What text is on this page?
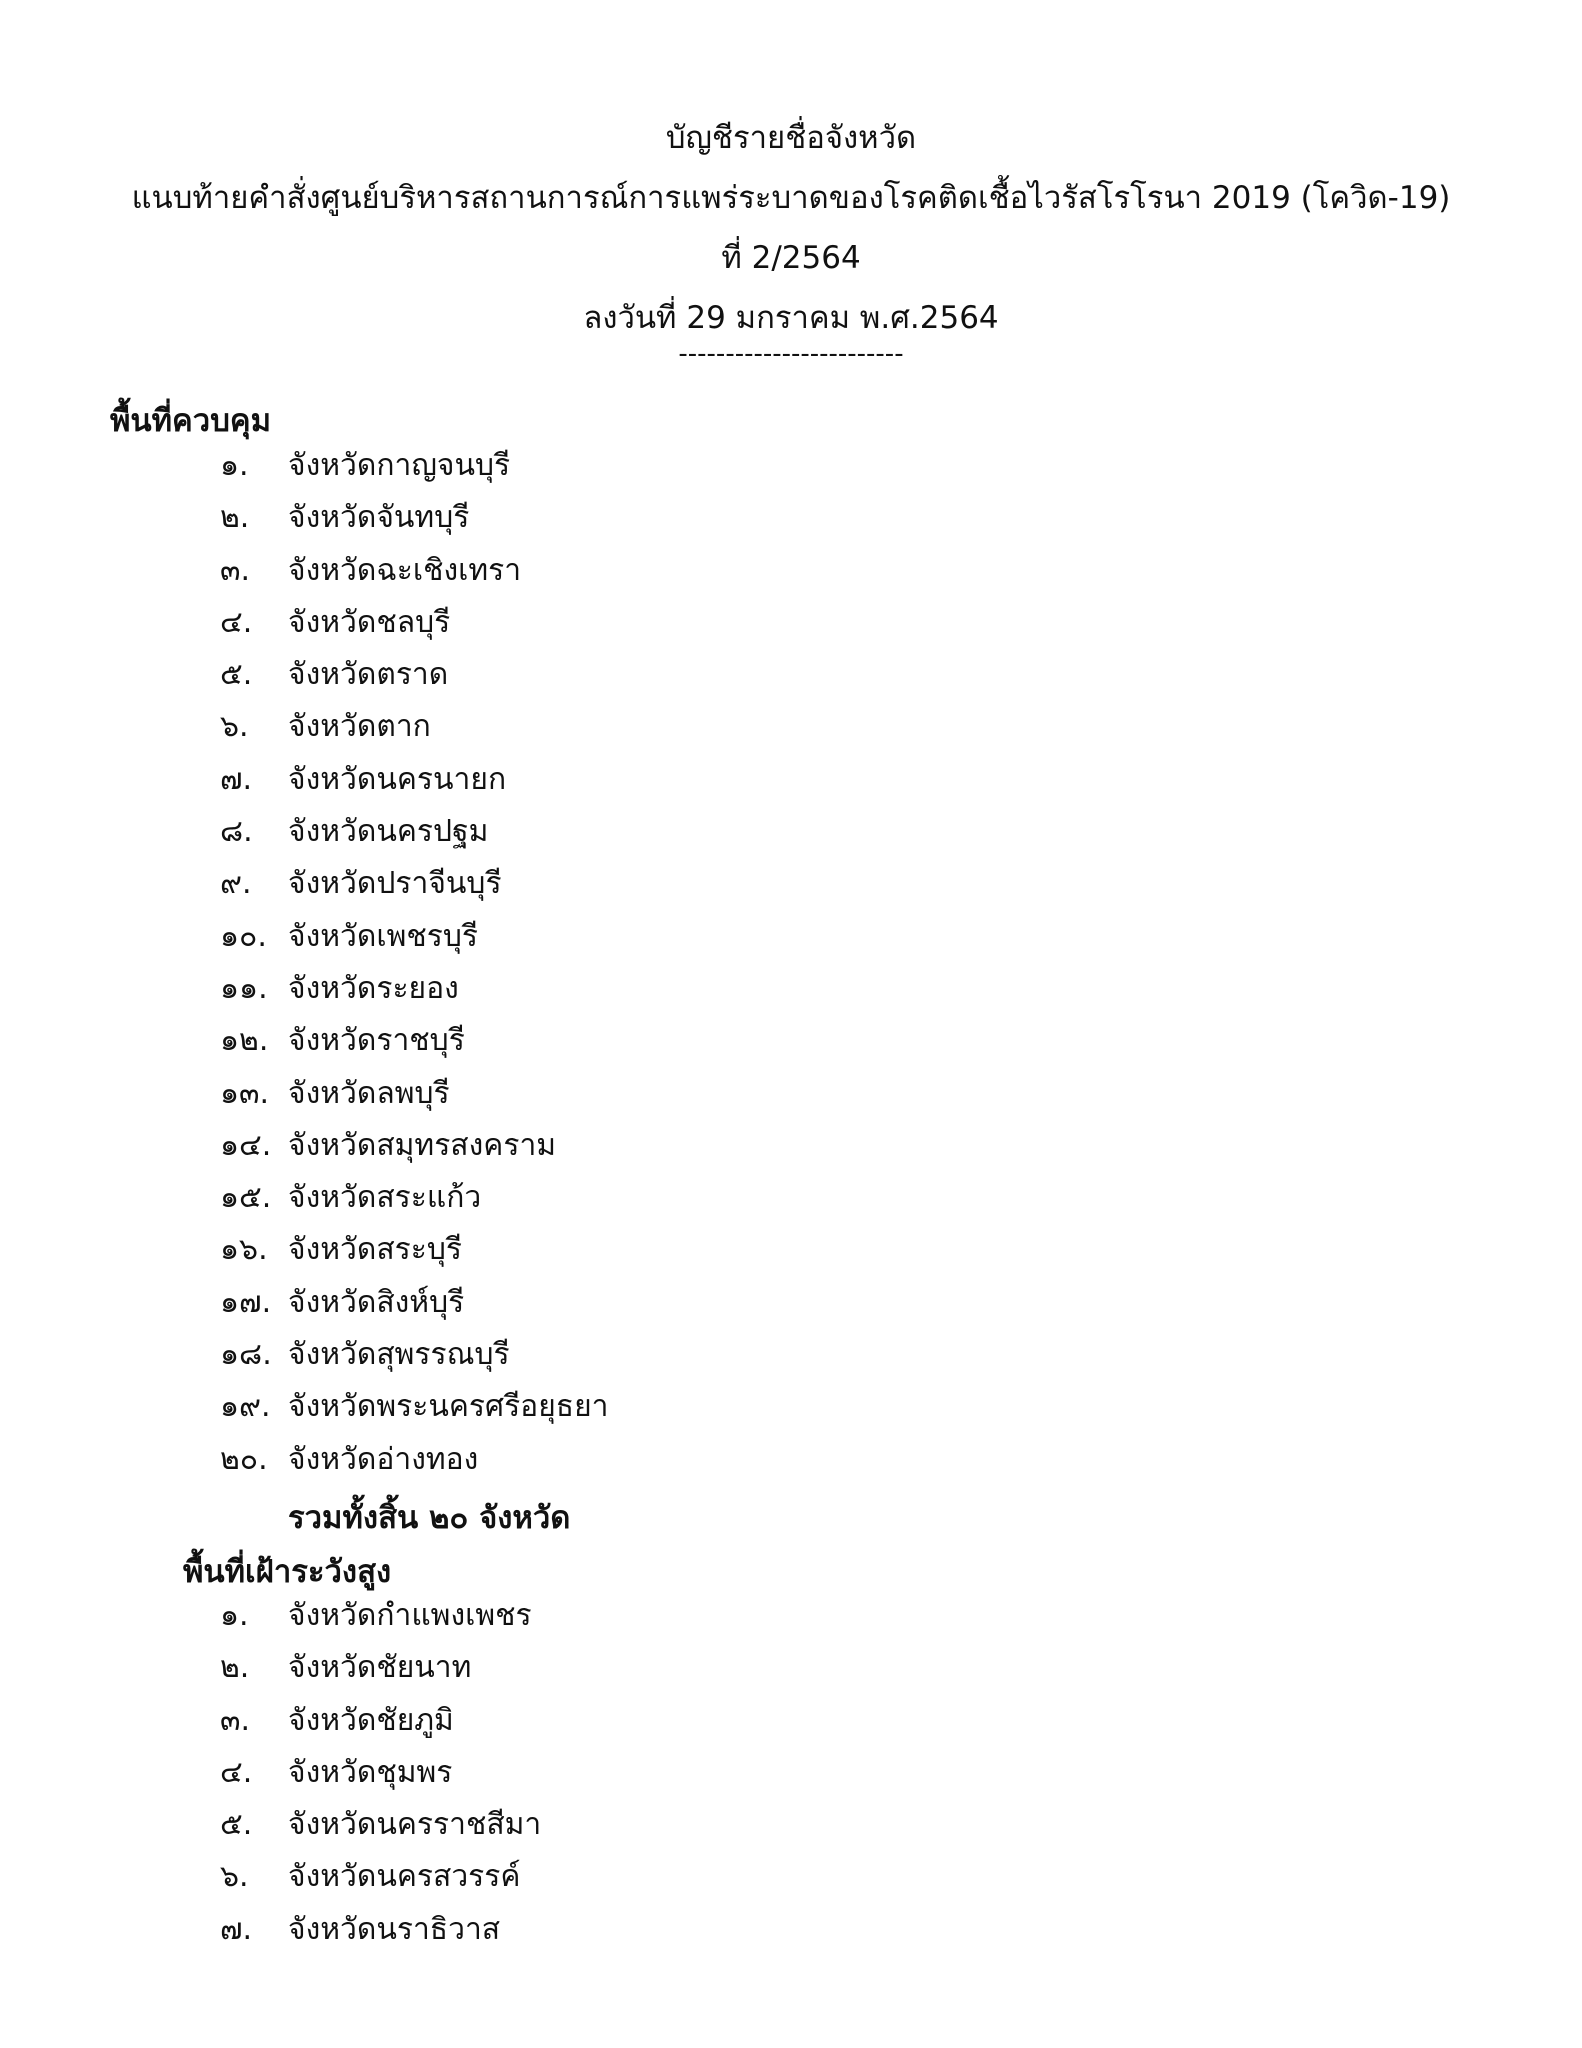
บัญชีรายชื่อจังหวัด
แนบท้ายคำสั่งศูนย์บริหารสถานการณ์การแพร่ระบาดของโรคติดเชื้อไวรัสโรโรนา 2019 (โควิด-19)
ที่ 2/2564
ลงวันที่ 29 มกราคม พ.ศ.2564
------------------------
พื้นที่ควบคุม
๑. จังหวัดกาญจนบุรี
๒. จังหวัดจันทบุรี
๓. จังหวัดฉะเชิงเทรา
๔. จังหวัดชลบุรี
๕. จังหวัดตราด
๖. จังหวัดตาก
๗. จังหวัดนครนายก
๘. จังหวัดนครปฐม
๙. จังหวัดปราจีนบุรี
๑๐. จังหวัดเพชรบุรี
๑๑. จังหวัดระยอง
๑๒. จังหวัดราชบุรี
๑๓. จังหวัดลพบุรี
๑๔. จังหวัดสมุทรสงคราม
๑๕. จังหวัดสระแก้ว
๑๖. จังหวัดสระบุรี
๑๗. จังหวัดสิงห์บุรี
๑๘. จังหวัดสุพรรณบุรี
๑๙. จังหวัดพระนครศรีอยุธยา
๒๐. จังหวัดอ่างทอง
รวมทั้งสิ้น ๒๐ จังหวัด
พื้นที่เฝ้าระวังสูง
๑. จังหวัดกำแพงเพชร
๒. จังหวัดชัยนาท
๓. จังหวัดชัยภูมิ
๔. จังหวัดชุมพร
๕. จังหวัดนครราชสีมา
๖. จังหวัดนครสวรรค์
๗. จังหวัดนราธิวาส
